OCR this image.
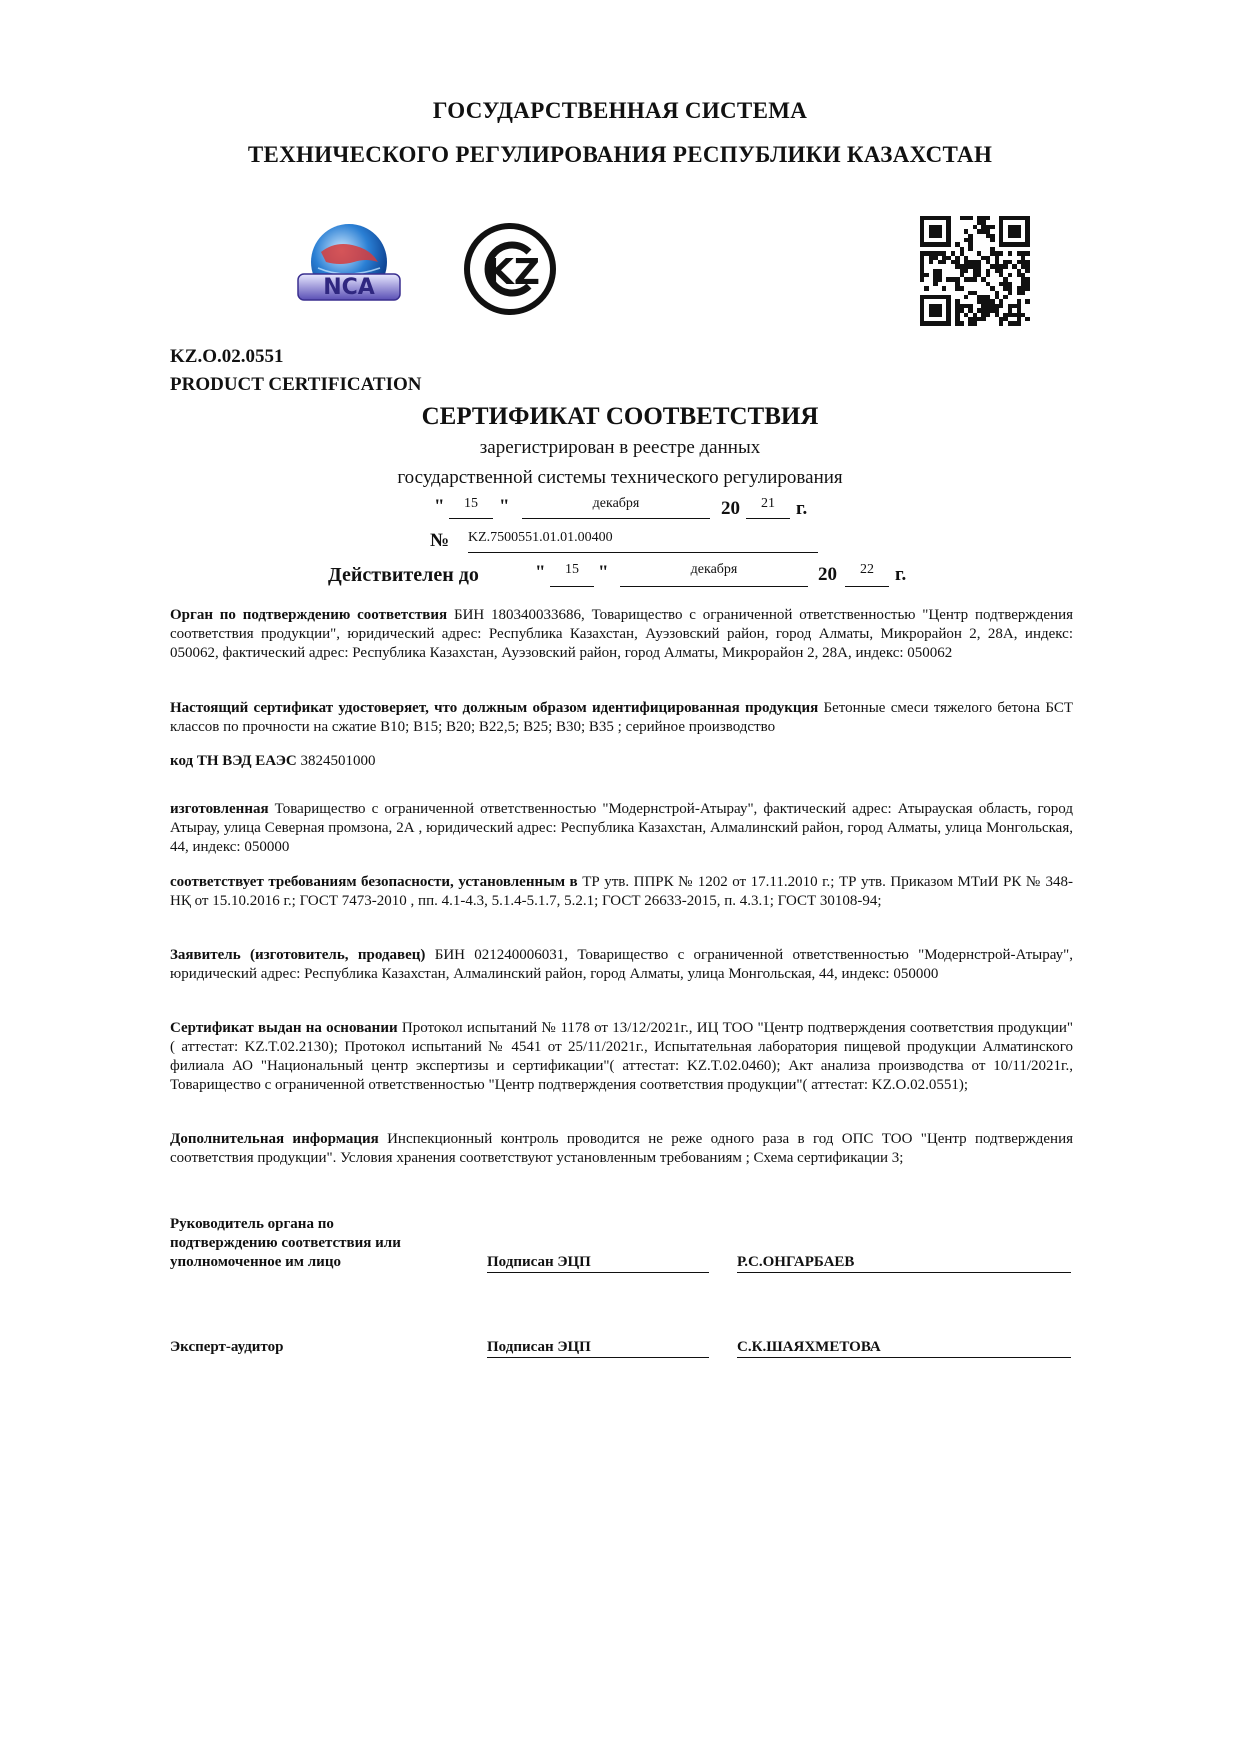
ГОСУДАРСТВЕННАЯ СИСТЕМА
ТЕХНИЧЕСКОГО РЕГУЛИРОВАНИЯ РЕСПУБЛИКИ КАЗАХСТАН
NCA	KZ
KZ.O.02.0551
PRODUCT CERTIFICATION
СЕРТИФИКАТ СООТВЕТСТВИЯ
зарегистрирован в реестре данных
государственной системы технического регулирования
"	15	"	декабря	20	21	г.
№ KZ.7500551.01.01.00400
Действителен до	"	15	"	декабря	20	22	г.
Орган по подтверждению соответствия БИН 180340033686, Товарищество с ограниченной ответственностью "Центр подтверждения соответствия продукции", юридический адрес: Республика Казахстан, Ауэзовский район, город Алматы, Микрорайон 2, 28А, индекс: 050062, фактический адрес: Республика Казахстан, Ауэзовский район, город Алматы, Микрорайон 2, 28А, индекс: 050062
Настоящий сертификат удостоверяет, что должным образом идентифицированная продукция Бетонные смеси тяжелого бетона БСТ классов по прочности на сжатие В10; В15; В20; В22,5; В25; В30; В35 ; серийное производство
код ТН ВЭД ЕАЭС 3824501000
изготовленная Товарищество с ограниченной ответственностью "Модернстрой-Атырау", фактический адрес: Атырауская область, город Атырау, улица Северная промзона, 2А , юридический адрес: Республика Казахстан, Алмалинский район, город Алматы, улица Монгольская, 44, индекс: 050000
соответствует требованиям безопасности, установленным в ТР утв. ППРК № 1202 от 17.11.2010 г.; ТР утв. Приказом МТиИ РК № 348-НҚ от 15.10.2016 г.; ГОСТ 7473-2010 , пп. 4.1-4.3, 5.1.4-5.1.7, 5.2.1; ГОСТ 26633-2015, п. 4.3.1; ГОСТ 30108-94;
Заявитель (изготовитель, продавец) БИН 021240006031, Товарищество с ограниченной ответственностью "Модернстрой-Атырау", юридический адрес: Республика Казахстан, Алмалинский район, город Алматы, улица Монгольская, 44, индекс: 050000
Сертификат выдан на основании Протокол испытаний № 1178 от 13/12/2021г., ИЦ ТОО "Центр подтверждения соответствия продукции" ( аттестат: KZ.T.02.2130); Протокол испытаний № 4541 от 25/11/2021г., Испытательная лаборатория пищевой продукции Алматинского филиала АО "Национальный центр экспертизы и сертификации"( аттестат: KZ.T.02.0460); Акт анализа производства от 10/11/2021г., Товарищество с ограниченной ответственностью "Центр подтверждения соответствия продукции"( аттестат: KZ.O.02.0551);
Дополнительная информация Инспекционный контроль проводится не реже одного раза в год ОПС ТОО "Центр подтверждения соответствия продукции". Условия хранения соответствуют установленным требованиям ; Схема сертификации 3;
Руководитель органа по
подтверждению соответствия или
уполномоченное им лицо	Подписан ЭЦП	Р.С.ОНГАРБАЕВ
Эксперт-аудитор	Подписан ЭЦП	С.К.ШАЯХМЕТОВА
